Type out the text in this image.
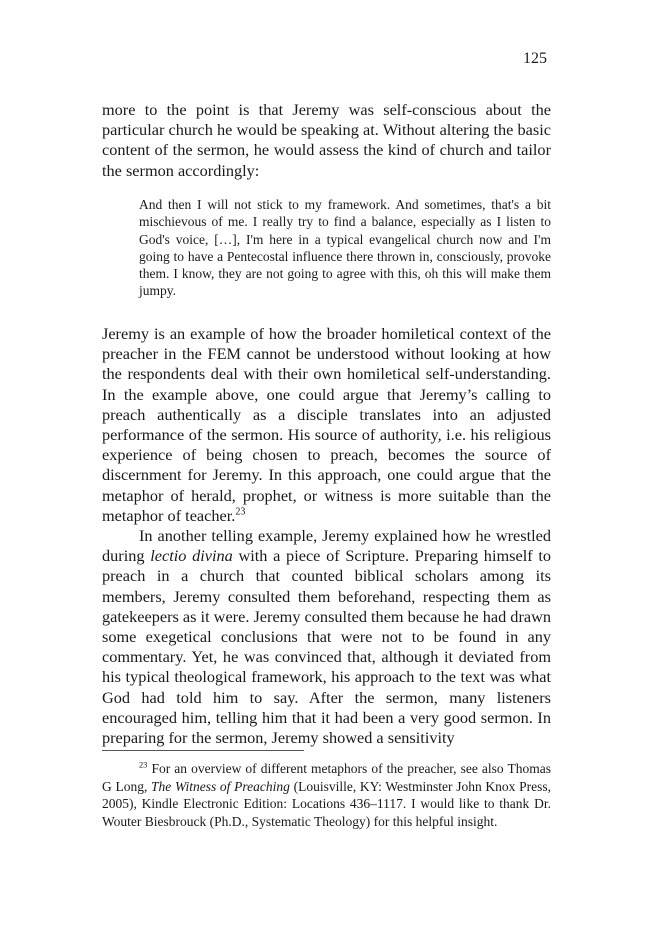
125

more to the point is that Jeremy was self-conscious about the particular church he would be speaking at. Without altering the basic content of the sermon, he would assess the kind of church and tailor the sermon accordingly:

And then I will not stick to my framework. And sometimes, that's a bit mischievous of me. I really try to find a balance, especially as I listen to God's voice, […], I'm here in a typical evangelical church now and I'm going to have a Pentecostal influence there thrown in, consciously, provoke them. I know, they are not going to agree with this, oh this will make them jumpy.

Jeremy is an example of how the broader homiletical context of the preacher in the FEM cannot be understood without looking at how the respondents deal with their own homiletical self-understanding. In the example above, one could argue that Jeremy’s calling to preach authentically as a disciple translates into an adjusted performance of the sermon. His source of authority, i.e. his religious experience of being chosen to preach, becomes the source of discernment for Jeremy. In this approach, one could argue that the metaphor of herald, prophet, or witness is more suitable than the metaphor of teacher.$^{23}$

In another telling example, Jeremy explained how he wrestled during lectio divina with a piece of Scripture. Preparing himself to preach in a church that counted biblical scholars among its members, Jeremy consulted them beforehand, respecting them as gatekeepers as it were. Jeremy consulted them because he had drawn some exegetical conclusions that were not to be found in any commentary. Yet, he was convinced that, although it deviated from his typical theological framework, his approach to the text was what God had told him to say. After the sermon, many listeners encouraged him, telling him that it had been a very good sermon. In preparing for the sermon, Jeremy showed a sensitivity

$^{23}$ For an overview of different metaphors of the preacher, see also Thomas G Long, The Witness of Preaching (Louisville, KY: Westminster John Knox Press, 2005), Kindle Electronic Edition: Locations 436–1117. I would like to thank Dr. Wouter Biesbrouck (Ph.D., Systematic Theology) for this helpful insight.
